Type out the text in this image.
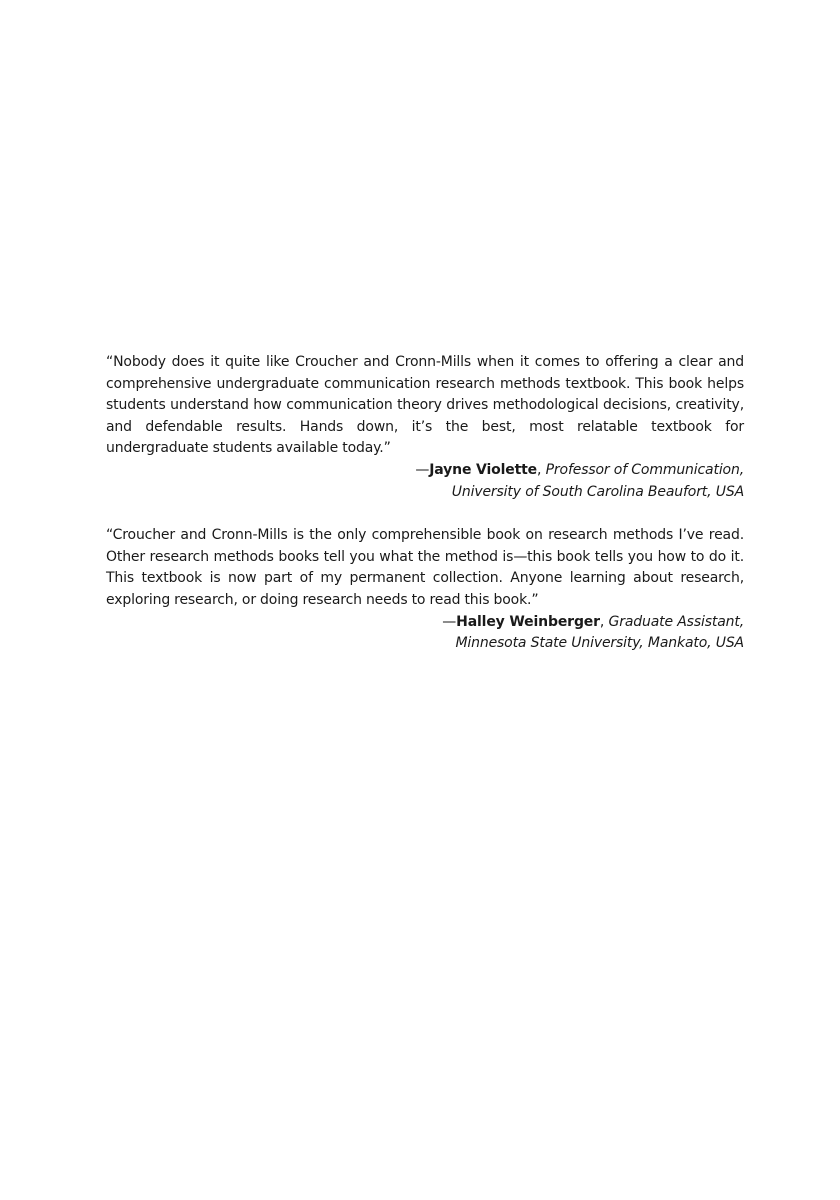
“Nobody does it quite like Croucher and Cronn-Mills when it comes to offering a clear and comprehensive undergraduate communication research methods textbook. This book helps students understand how communication theory drives methodological decisions, creativity, and defendable results. Hands down, it’s the best, most relatable textbook for undergraduate students available today.”

—Jayne Violette, Professor of Communication,
University of South Carolina Beaufort, USA

“Croucher and Cronn-Mills is the only comprehensible book on research methods I’ve read. Other research methods books tell you what the method is—this book tells you how to do it. This textbook is now part of my permanent collection. Anyone learning about research, exploring research, or doing research needs to read this book.”

—Halley Weinberger, Graduate Assistant,
Minnesota State University, Mankato, USA
